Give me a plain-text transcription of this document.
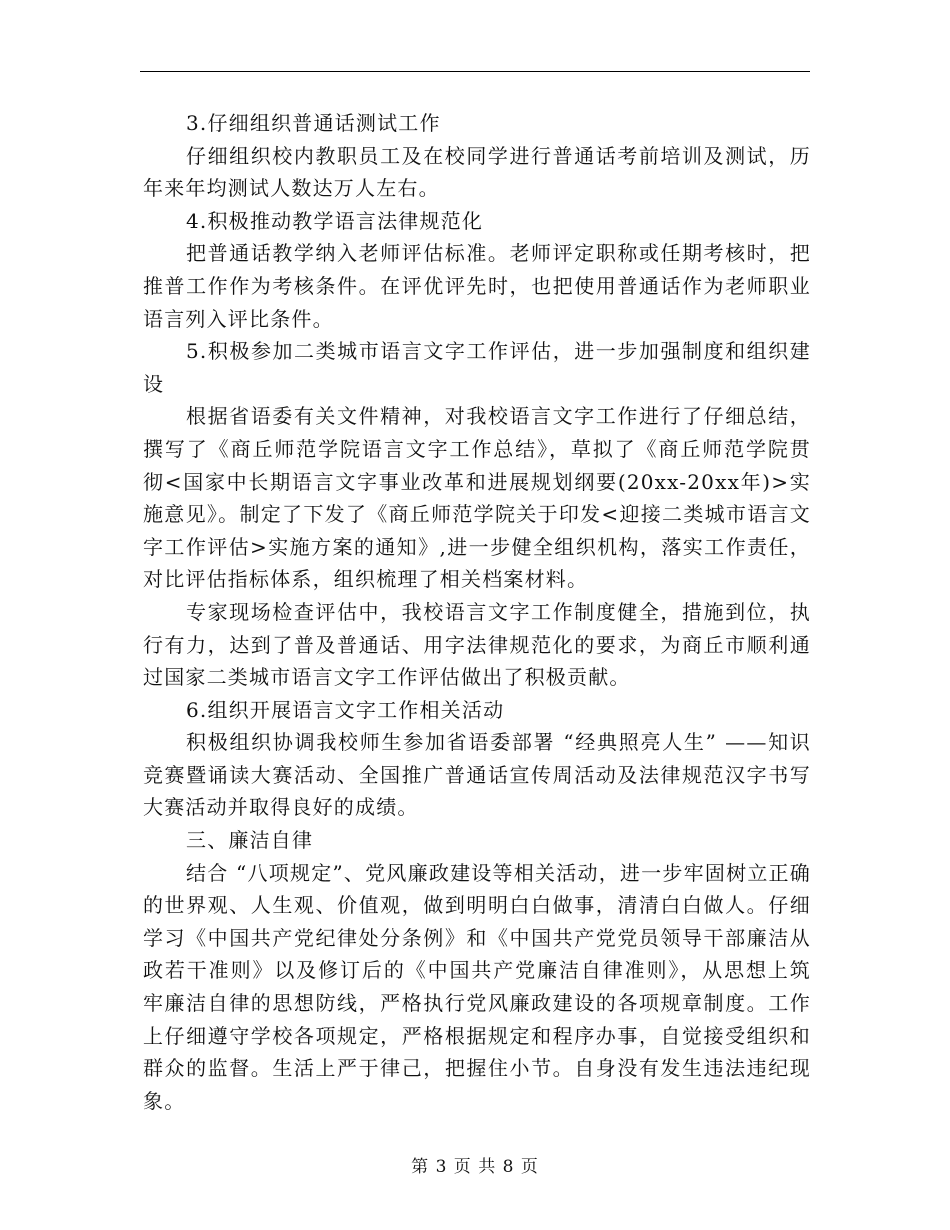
3.仔细组织普通话测试工作

仔细组织校内教职员工及在校同学进行普通话考前培训及测试，历年来年均测试人数达万人左右。

4.积极推动教学语言法律规范化

把普通话教学纳入老师评估标准。老师评定职称或任期考核时，把推普工作作为考核条件。在评优评先时，也把使用普通话作为老师职业语言列入评比条件。

5.积极参加二类城市语言文字工作评估，进一步加强制度和组织建设

根据省语委有关文件精神，对我校语言文字工作进行了仔细总结，撰写了《商丘师范学院语言文字工作总结》，草拟了《商丘师范学院贯彻<国家中长期语言文字事业改革和进展规划纲要(20xx-20xx年)>实施意见》。制定了下发了《商丘师范学院关于印发<迎接二类城市语言文字工作评估>实施方案的通知》,进一步健全组织机构，落实工作责任，对比评估指标体系，组织梳理了相关档案材料。

专家现场检查评估中，我校语言文字工作制度健全，措施到位，执行有力，达到了普及普通话、用字法律规范化的要求，为商丘市顺利通过国家二类城市语言文字工作评估做出了积极贡献。

6.组织开展语言文字工作相关活动

积极组织协调我校师生参加省语委部署 “经典照亮人生” ——知识竞赛暨诵读大赛活动、全国推广普通话宣传周活动及法律规范汉字书写大赛活动并取得良好的成绩。

三、廉洁自律

结合 “八项规定”、党风廉政建设等相关活动，进一步牢固树立正确的世界观、人生观、价值观，做到明明白白做事，清清白白做人。仔细学习《中国共产党纪律处分条例》和《中国共产党党员领导干部廉洁从政若干准则》以及修订后的《中国共产党廉洁自律准则》，从思想上筑牢廉洁自律的思想防线，严格执行党风廉政建设的各项规章制度。工作上仔细遵守学校各项规定，严格根据规定和程序办事，自觉接受组织和群众的监督。生活上严于律己，把握住小节。自身没有发生违法违纪现象。

第 3 页 共 8 页
